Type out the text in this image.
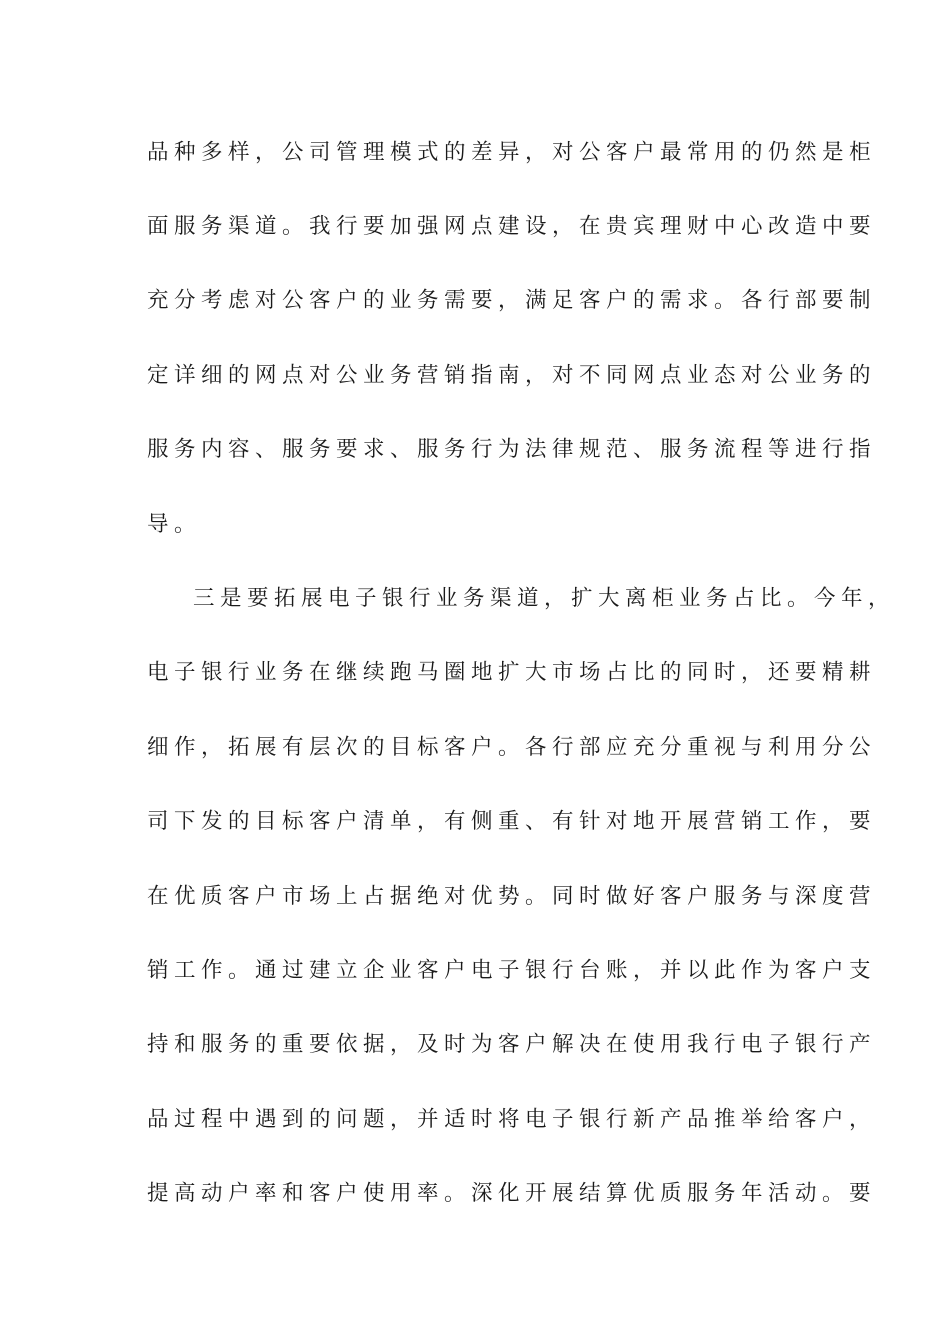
品种多样，公司管理模式的差异，对公客户最常用的仍然是柜
面服务渠道。我行要加强网点建设，在贵宾理财中心改造中要
充分考虑对公客户的业务需要，满足客户的需求。各行部要制
定详细的网点对公业务营销指南，对不同网点业态对公业务的
服务内容、服务要求、服务行为法律规范、服务流程等进行指
导。
三是要拓展电子银行业务渠道，扩大离柜业务占比。今年，
电子银行业务在继续跑马圈地扩大市场占比的同时，还要精耕
细作，拓展有层次的目标客户。各行部应充分重视与利用分公
司下发的目标客户清单，有侧重、有针对地开展营销工作，要
在优质客户市场上占据绝对优势。同时做好客户服务与深度营
销工作。通过建立企业客户电子银行台账，并以此作为客户支
持和服务的重要依据，及时为客户解决在使用我行电子银行产
品过程中遇到的问题，并适时将电子银行新产品推举给客户，
提高动户率和客户使用率。深化开展结算优质服务年活动。要
